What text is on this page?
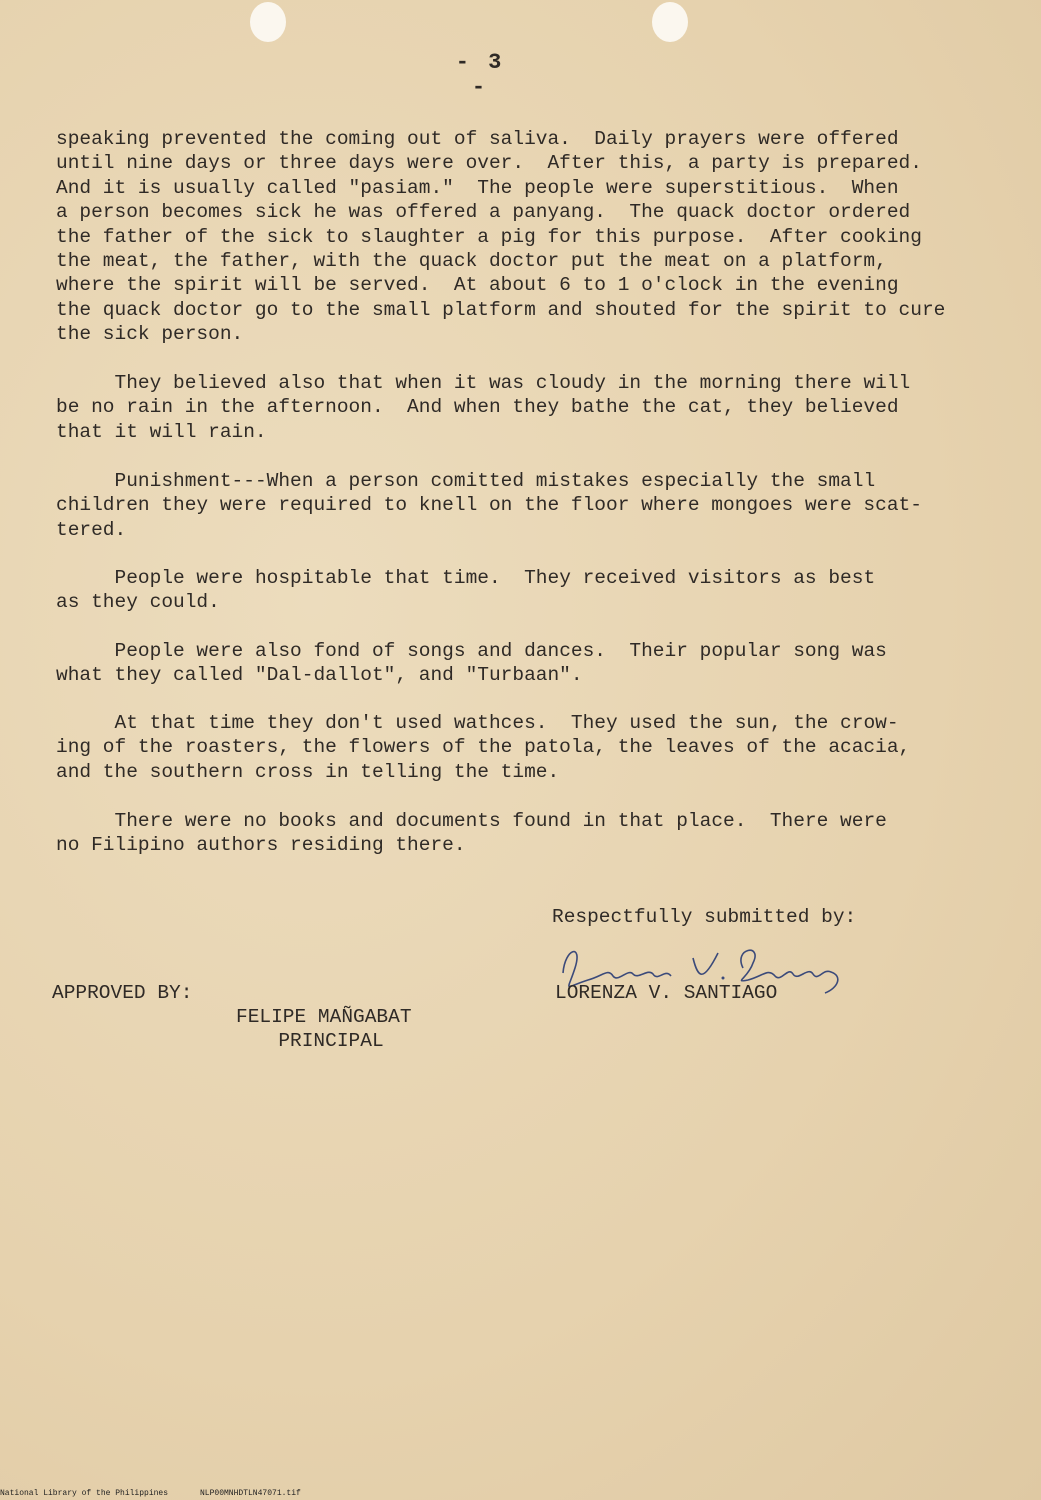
- 3 -

speaking prevented the coming out of saliva.  Daily prayers were offered
until nine days or three days were over.  After this, a party is prepared.
And it is usually called "pasiam."  The people were superstitious.  When
a person becomes sick he was offered a panyang.  The quack doctor ordered
the father of the sick to slaughter a pig for this purpose.  After cooking
the meat, the father, with the quack doctor put the meat on a platform,
where the spirit will be served.  At about 6 to 1 o'clock in the evening
the quack doctor go to the small platform and shouted for the spirit to cure
the sick person.

They believed also that when it was cloudy in the morning there will
be no rain in the afternoon.  And when they bathe the cat, they believed
that it will rain.

Punishment---When a person comitted mistakes especially the small
children they were required to knell on the floor where mongoes were scat-
tered.

People were hospitable that time.  They received visitors as best
as they could.

People were also fond of songs and dances.  Their popular song was
what they called "Dal-dallot", and "Turbaan".

At that time they don't used wathces.  They used the sun, the crow-
ing of the roasters, the flowers of the patola, the leaves of the acacia,
and the southern cross in telling the time.

There were no books and documents found in that place.  There were
no Filipino authors residing there.

Respectfully submitted by:

APPROVED BY:	LORENZA V. SANTIAGO

FELIPE MAÑGABAT

PRINCIPAL

National Library of the Philippines	NLP00MNHDTLN47071.tif
